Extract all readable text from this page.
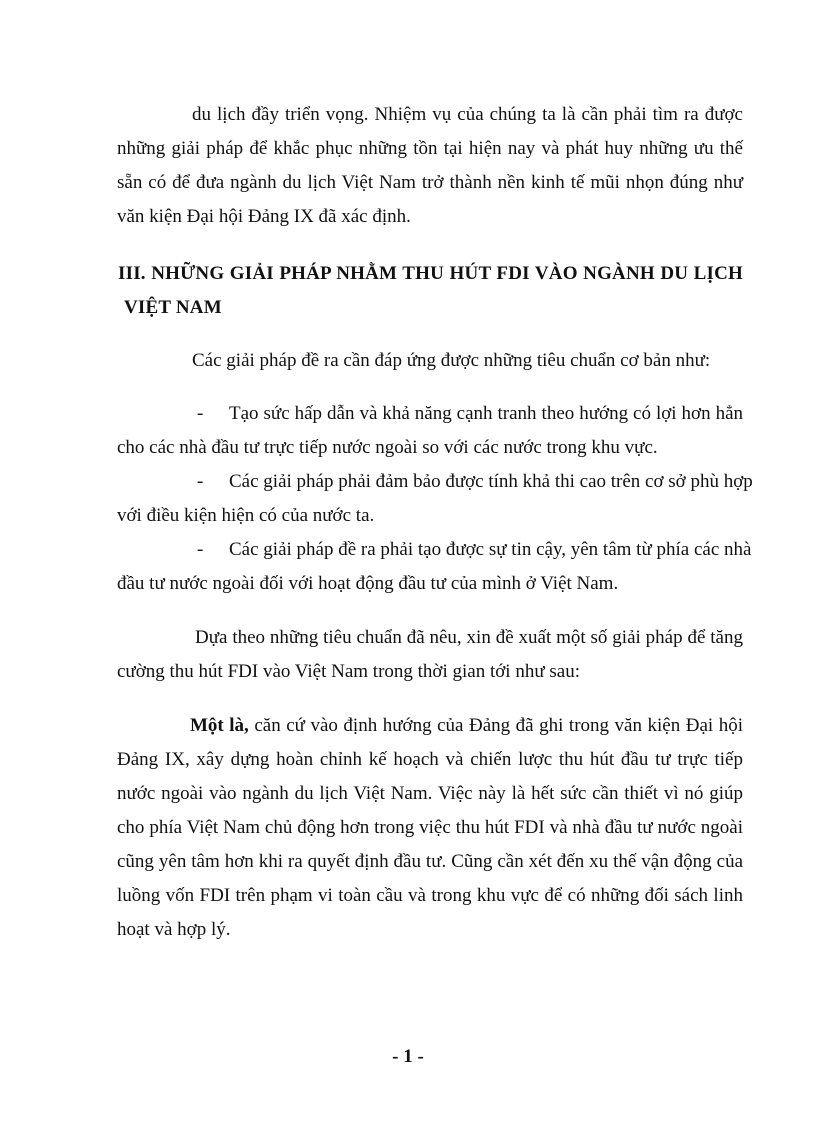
du lịch đầy triển vọng. Nhiệm vụ của chúng ta là cần phải tìm ra được
những giải pháp để khắc phục những tồn tại hiện nay và phát huy những ưu thế
sẵn có để đưa ngành du lịch Việt Nam trở thành nền kinh tế mũi nhọn đúng như
văn kiện Đại hội Đảng IX đã xác định.
III. NHỮNG GIẢI PHÁP NHẰM THU HÚT FDI VÀO NGÀNH DU LỊCH
VIỆT NAM
Các giải pháp đề ra cần đáp ứng được những tiêu chuẩn cơ bản như:
-	Tạo sức hấp dẫn và khả năng cạnh tranh theo hướng có lợi hơn hẳn
cho các nhà đầu tư trực tiếp nước ngoài so với các nước trong khu vực.
-	Các giải pháp phải đảm bảo được tính khả thi cao trên cơ sở phù hợp
với điều kiện hiện có của nước ta.
-	Các giải pháp đề ra phải tạo được sự tin cậy, yên tâm từ phía các nhà
đầu tư nước ngoài đối với hoạt động đầu tư của mình ở Việt Nam.
Dựa theo những tiêu chuẩn đã nêu, xin đề xuất một số giải pháp để tăng
cường thu hút FDI vào Việt Nam trong thời gian tới như sau:
Một là, căn cứ vào định hướng của Đảng đã ghi trong văn kiện Đại hội
Đảng IX, xây dựng hoàn chỉnh kế hoạch và chiến lược thu hút đầu tư trực tiếp
nước ngoài vào ngành du lịch Việt Nam. Việc này là hết sức cần thiết vì nó giúp
cho phía Việt Nam chủ động hơn trong việc thu hút FDI và nhà đầu tư nước ngoài
cũng yên tâm hơn khi ra quyết định đầu tư. Cũng cần xét đến xu thế vận động của
luồng vốn FDI trên phạm vi toàn cầu và trong khu vực để có những đối sách linh
hoạt và hợp lý.
- 1 -
